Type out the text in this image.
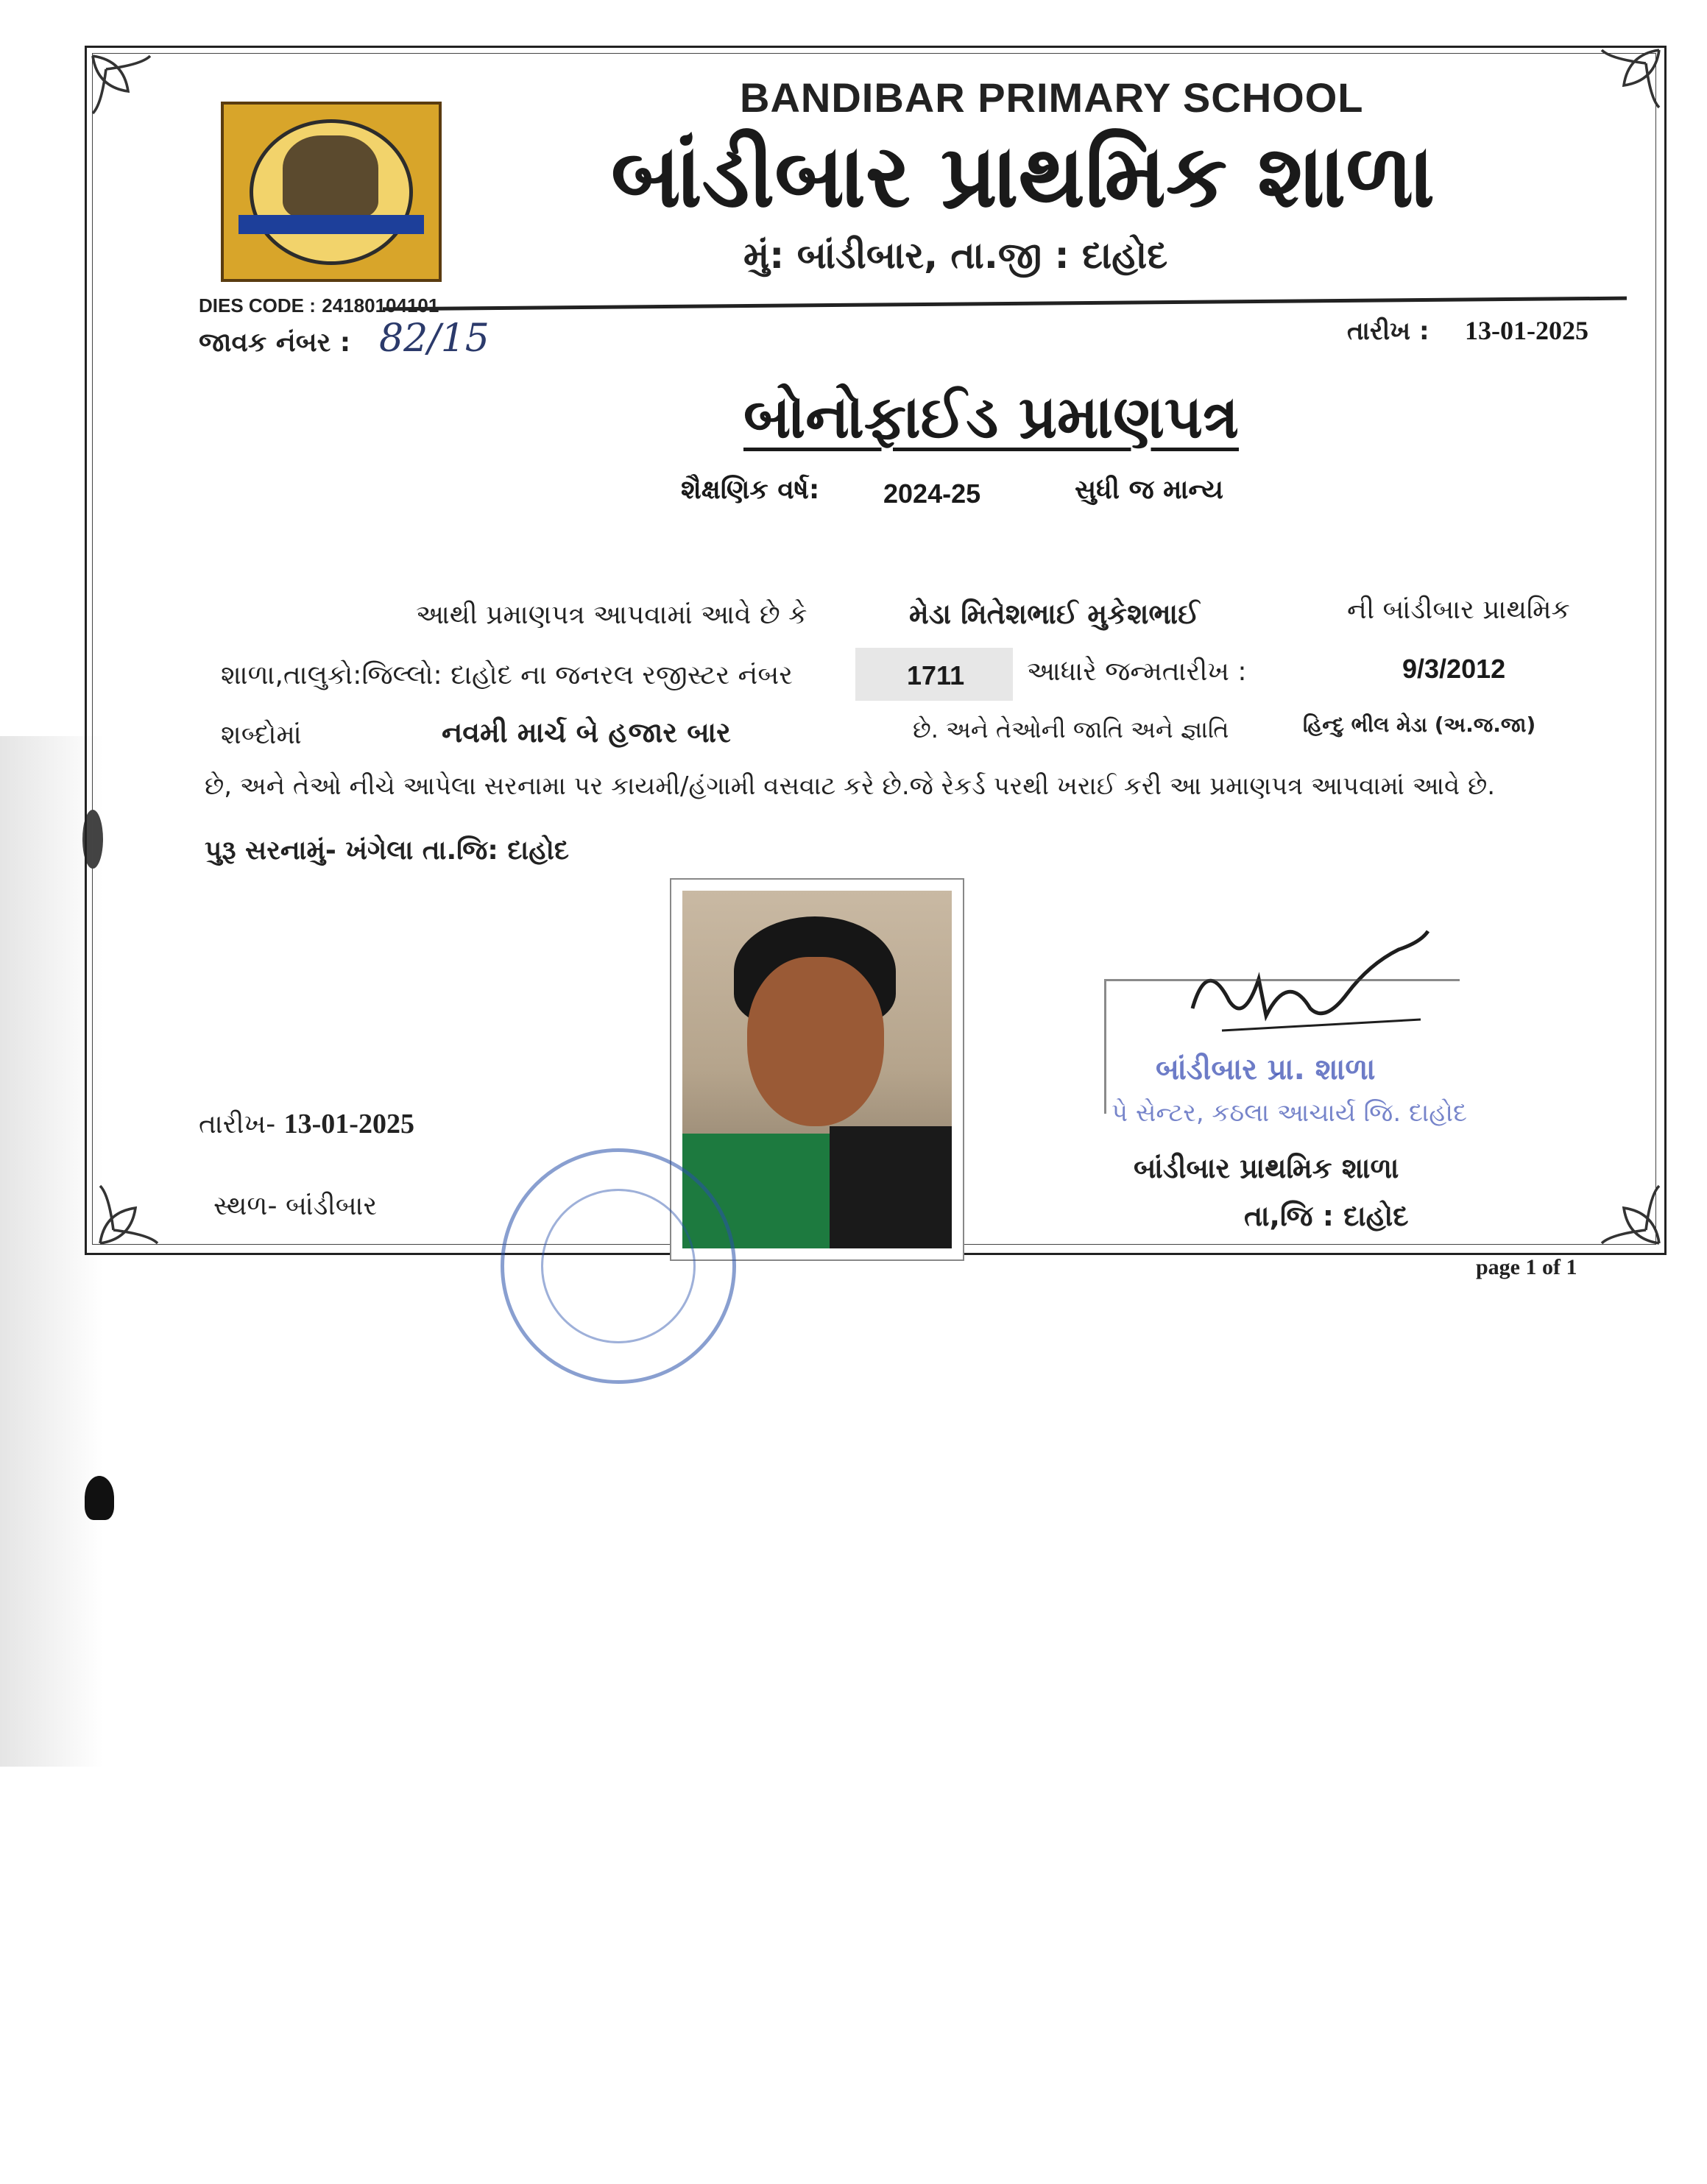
BANDIBAR PRIMARY SCHOOL
બાંડીબાર પ્રાથમિક શાળા
મું: બાંડીબાર, તા.જી : દાહોદ
DIES CODE : 24180104101
જાવક નંબર : 82/15	તારીખ : 13-01-2025
બોનોફાઈડ પ્રમાણપત્ર
શૈક્ષણિક વર્ષ: 2024-25	સુધી જ માન્ય
આથી પ્રમાણપત્ર આપવામાં આવે છે કે	મેડા મિતેશભાઈ મુકેશભાઈ	ની બાંડીબાર પ્રાથમિક
શાળા,તાલુકો:જિલ્લો: દાહોદ ના જનરલ રજીસ્ટર નંબર	1711 આધારે જન્મતારીખ :	9/3/2012
શબ્દોમાં	નવમી માર્ચ બે હજાર બાર	છે. અને તેઓની જાતિ અને જ્ઞાતિ	હિન્દુ ભીલ મેડા (અ.જ.જા)
છે, અને તેઓ નીચે આપેલા સરનામા પર કાયમી/હંગામી વસવાટ કરે છે.જે રેકર્ડ પરથી ખરાઈ કરી આ પ્રમાણપત્ર આપવામાં આવે છે.
પુરૂ સરનામું- ખંગેલા તા.જિ: દાહોદ
બાંડીબાર પ્રા. શાળા
પે સેન્ટર, કઠલા આચાર્ય જિ. દાહોદ
બાંડીબાર પ્રાથમિક શાળા
તા,જિ : દાહોદ
તારીખ- 13-01-2025
સ્થળ- બાંડીબાર
page 1 of 1
